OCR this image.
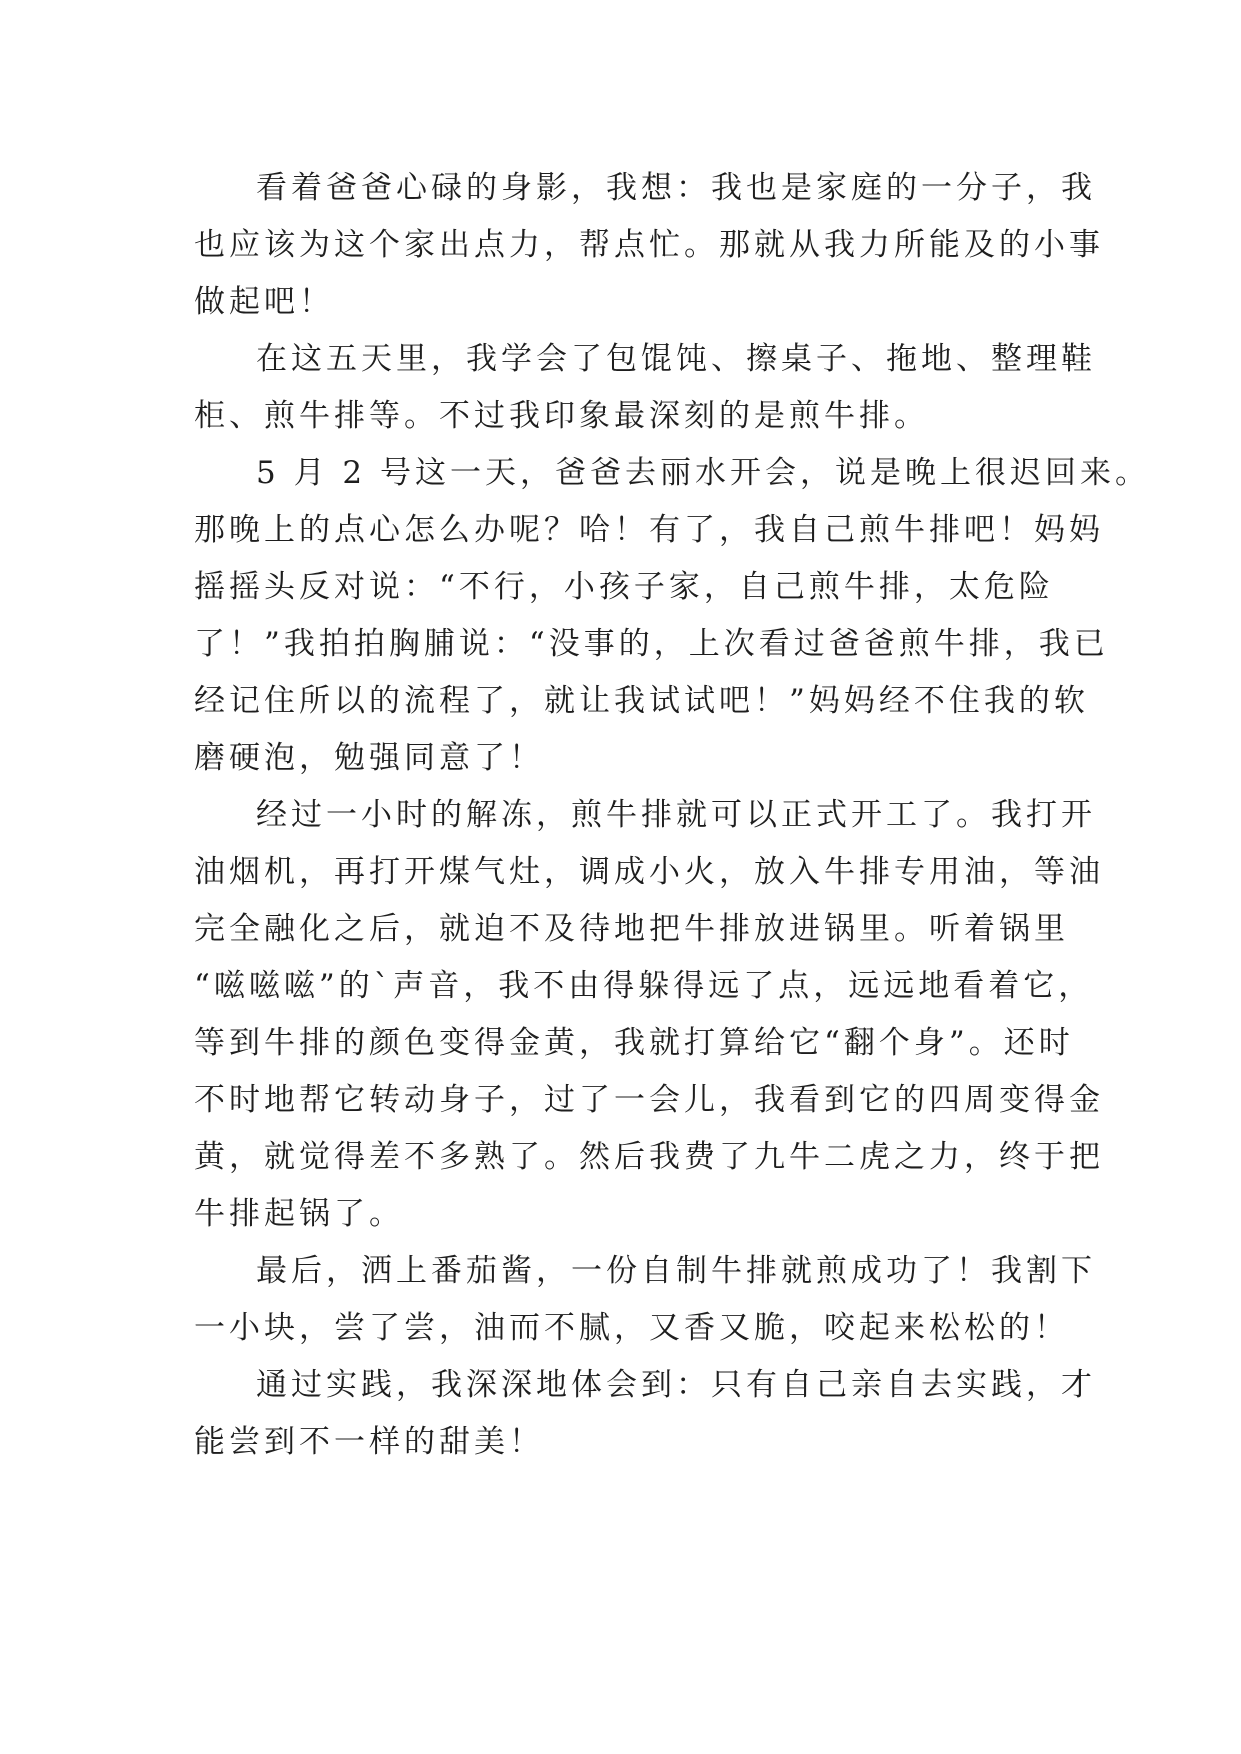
看着爸爸心碌的身影，我想：我也是家庭的一分子，我
也应该为这个家出点力，帮点忙。那就从我力所能及的小事
做起吧！
在这五天里，我学会了包馄饨、擦桌子、拖地、整理鞋
柜、煎牛排等。不过我印象最深刻的是煎牛排。
5 月 2 号这一天，爸爸去丽水开会，说是晚上很迟回来。
那晚上的点心怎么办呢？哈！有了，我自己煎牛排吧！妈妈
摇摇头反对说：“不行，小孩子家，自己煎牛排，太危险
了！”我拍拍胸脯说：“没事的，上次看过爸爸煎牛排，我已
经记住所以的流程了，就让我试试吧！”妈妈经不住我的软
磨硬泡，勉强同意了！
经过一小时的解冻，煎牛排就可以正式开工了。我打开
油烟机，再打开煤气灶，调成小火，放入牛排专用油，等油
完全融化之后，就迫不及待地把牛排放进锅里。听着锅里
“嗞嗞嗞”的`声音，我不由得躲得远了点，远远地看着它，
等到牛排的颜色变得金黄，我就打算给它“翻个身”。还时
不时地帮它转动身子，过了一会儿，我看到它的四周变得金
黄，就觉得差不多熟了。然后我费了九牛二虎之力，终于把
牛排起锅了。
最后，洒上番茄酱，一份自制牛排就煎成功了！我割下
一小块，尝了尝，油而不腻，又香又脆，咬起来松松的！
通过实践，我深深地体会到：只有自己亲自去实践，才
能尝到不一样的甜美！
